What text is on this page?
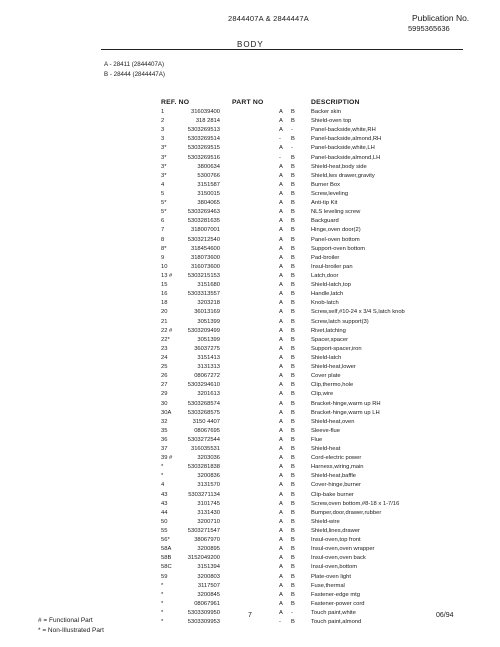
2844407A & 2844447A	Publication No.
5995365636
BODY
A - 28411 (2844407A)
B - 28444 (2844447A)
REF. NO	PART NO	DESCRIPTION
1	316039400	A B	Backer skin
2	318 2814	A B	Shield-oven top
3	5303269513	A -	Panel-backside,white,RH
3	5303269514	- B	Panel-backside,almond,RH
3*	5303269515	A -	Panel-backside,white,LH
3*	5303269516	- B	Panel-backside,almond,LH
3*	3800634	A B	Shield-heat,body side
3*	5300766	A B	Shield,lws drawer,gravity
4	3151587	A B	Burner Box
5	3150015	A B	Screw,leveling
5*	3804065	A B	Anti-tip Kit
5*	5303269463	A B	NLS leveling screw
6	5303281635	A B	Backguard
7	318007001	A B	Hinge,oven door(2)
8	5303212540	A B	Panel-oven bottom
8*	318454600	A B	Support-oven bottom
9	318073600	A B	Pad-broiler
10	316073600	A B	Insul-broiler pan
13 #	5303215153	A B	Latch,door
15	3151680	A B	Shield-latch,top
16	5303313557	A B	Handle,latch
18	3203218	A B	Knob-latch
20	36013169	A B	Screw,self,#10-24 x 3/4 S,latch knob
21	3051399	A B	Screw,latch support(3)
22 #	5303209499	A B	Rivet,latching
22*	3051399	A B	Spacer,spacer
23	36037275	A B	Support-spacer,iron
24	3151413	A B	Shield-latch
25	3131313	A B	Shield-heat,lower
26	08067272	A B	Cover plate
27	5303294610	A B	Clip,thermo,hole
29	3201613	A B	Clip,wire
30	5303268574	A B	Bracket-hinge,warm up RH
30A	5303268575	A B	Bracket-hinge,warm up LH
32	3150 4407	A B	Shield-heat,oven
35	08067695	A B	Sleeve-flue
36	5303272544	A B	Flue
37	316035531	A B	Shield-heat
39 #	3203036	A B	Cord-electric power
*	5303281838	A B	Harness,wiring,main
*	3200836	A B	Shield-heat,baffle
4	3131570	A B	Cover-hinge,burner
43	5303271134	A B	Clip-bake burner
43	3101745	A B	Screw,oven bottom,#8-18 x 1-7/16
44	3131430	A B	Bumper,door,drawer,rubber
50	3200710	A B	Shield-wire
55	5303271547	A B	Shield,lines,drawer
56*	38067970	A B	Insul-oven,top front
58A	3200895	A B	Insul-oven,oven wrapper
58B	3152049200	A B	Insul-oven,oven back
58C	3151394	A B	Insul-oven,bottom
59	3200803	A B	Plate-oven light
*	3117507	A B	Fuse,thermal
*	3200845	A B	Fastener-edge mtg
*	08067961	A B	Fastener-power cord
*	5303309950	A -	Touch paint,white
*	5303309953	- B	Touch paint,almond
7	06/94
# = Functional Part
* = Non-Illustrated Part
